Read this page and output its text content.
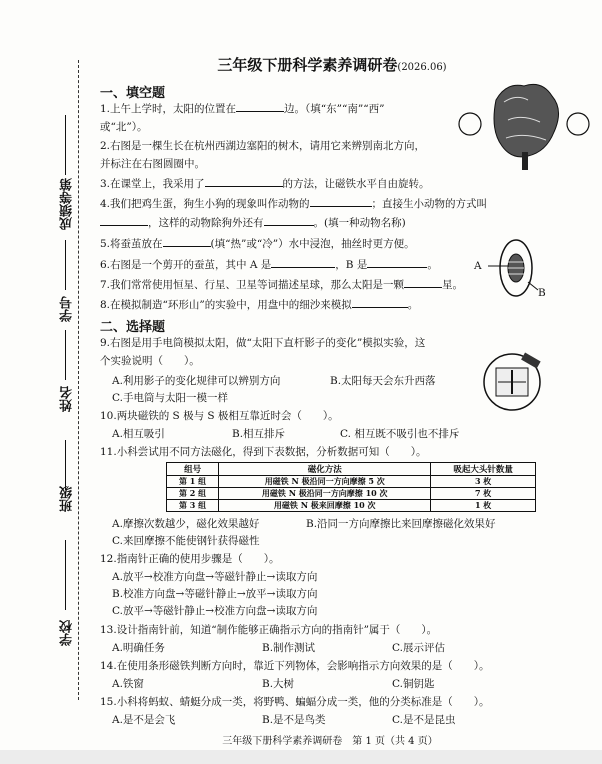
成绩等第
学号
姓名
班级
学校
三年级下册科学素养调研卷(2026.06)
一、填空题
1.上午上学时，太阳的位置在	边。（填“东”“南”“西”
或“北”）。
2.右图是一棵生长在杭州西湖边塞阳的树木，请用它来辨别南北方向，
并标注在右图圆圈中。
3.在课堂上，我采用了	的方法，让磁铁水平自由旋转。
4.我们把鸡生蛋，狗生小狗的现象叫作动物的	；直接生小动物的方式叫
，这样的动物除狗外还有	。(填一种动物名称)
5.将蚕茧放在	(填“热”或“冷”）水中浸泡，抽丝时更方便。
6.右图是一个剪开的蚕茧，其中 A 是	，B 是	。
7.我们常常使用恒星、行星、卫星等词描述星球，那么太阳是一颗	星。
8.在模拟制造“环形山”的实验中，用盘中的细沙来模拟	。
A
B
二、选择题
9.右图是用手电筒模拟太阳，做“太阳下直杆影子的变化”模拟实验，这
个实验说明（　　）。
A.利用影子的变化规律可以辨别方向	B.太阳每天会东升西落
C.手电筒与太阳一模一样
10.两块磁铁的 S 极与 S 极相互靠近时会（　　）。
A.相互吸引	B.相互排斥	C. 相互既不吸引也不排斥
11.小科尝试用不同方法磁化，得到下表数据，分析数据可知（　　）。
组号	磁化方法	吸起大头针数量
第 1 组	用磁铁 N 极沿同一方向摩擦 5 次	3 枚
第 2 组	用磁铁 N 极沿同一方向摩擦 10 次	7 枚
第 3 组	用磁铁 N 极来回摩擦 10 次	1 枚
A.摩擦次数越少，磁化效果越好	B.沿同一方向摩擦比来回摩擦磁化效果好
C.来回摩擦不能使钢针获得磁性
12.指南针正确的使用步骤是（　　）。
A.放平→校准方向盘→等磁针静止→读取方向
B.校准方向盘→等磁针静止→放平→读取方向
C.放平→等磁针静止→校准方向盘→读取方向
13.设计指南针前，知道“制作能够正确指示方向的指南针”属于（　　）。
A.明确任务	B.制作测试	C.展示评估
14.在使用条形磁铁判断方向时，靠近下列物体，会影响指示方向效果的是（　　）。
A.铁窗	B.大树	C.铜钥匙
15.小科将蚂蚁、蜻蜓分成一类，将野鸭、蝙蝠分成一类，他的分类标准是（　　）。
A.是不是会飞	B.是不是鸟类	C.是不是昆虫
三年级下册科学素养调研卷　第 1 页（共 4 页）
